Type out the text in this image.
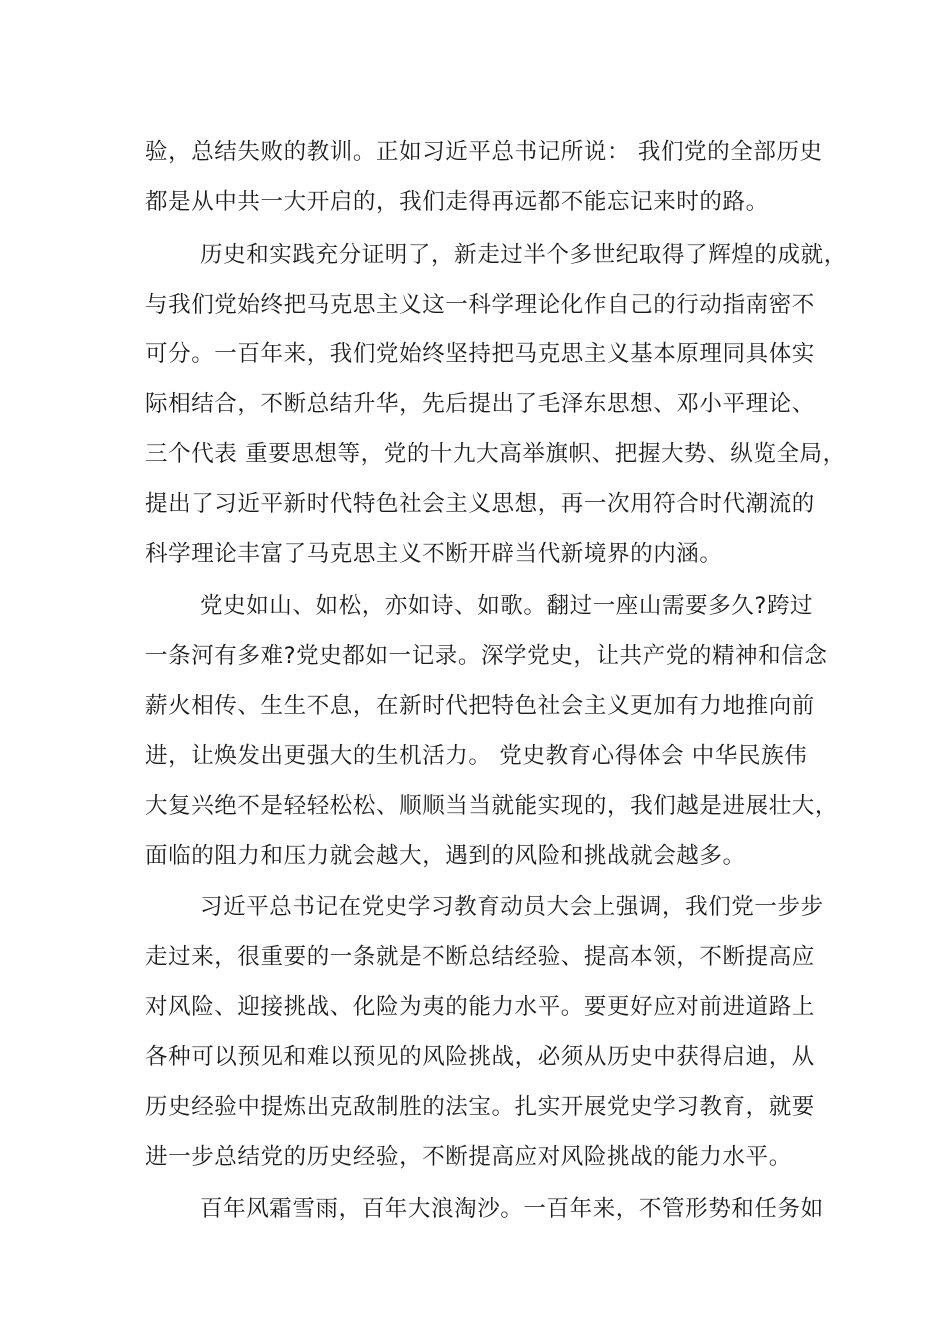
验，总结失败的教训。正如习近平总书记所说： 我们党的全部历史
都是从中共一大开启的，我们走得再远都不能忘记来时的路。
历史和实践充分证明了，新走过半个多世纪取得了辉煌的成就，
与我们党始终把马克思主义这一科学理论化作自己的行动指南密不
可分。一百年来，我们党始终坚持把马克思主义基本原理同具体实
际相结合，不断总结升华，先后提出了毛泽东思想、邓小平理论、
三个代表 重要思想等，党的十九大高举旗帜、把握大势、纵览全局，
提出了习近平新时代特色社会主义思想，再一次用符合时代潮流的
科学理论丰富了马克思主义不断开辟当代新境界的内涵。
党史如山、如松，亦如诗、如歌。翻过一座山需要多久?跨过
一条河有多难?党史都如一记录。深学党史，让共产党的精神和信念
薪火相传、生生不息，在新时代把特色社会主义更加有力地推向前
进，让焕发出更强大的生机活力。 党史教育心得体会 中华民族伟
大复兴绝不是轻轻松松、顺顺当当就能实现的，我们越是进展壮大，
面临的阻力和压力就会越大，遇到的风险和挑战就会越多。
习近平总书记在党史学习教育动员大会上强调，我们党一步步
走过来，很重要的一条就是不断总结经验、提高本领，不断提高应
对风险、迎接挑战、化险为夷的能力水平。要更好应对前进道路上
各种可以预见和难以预见的风险挑战，必须从历史中获得启迪，从
历史经验中提炼出克敌制胜的法宝。扎实开展党史学习教育，就要
进一步总结党的历史经验，不断提高应对风险挑战的能力水平。
百年风霜雪雨，百年大浪淘沙。一百年来，不管形势和任务如
